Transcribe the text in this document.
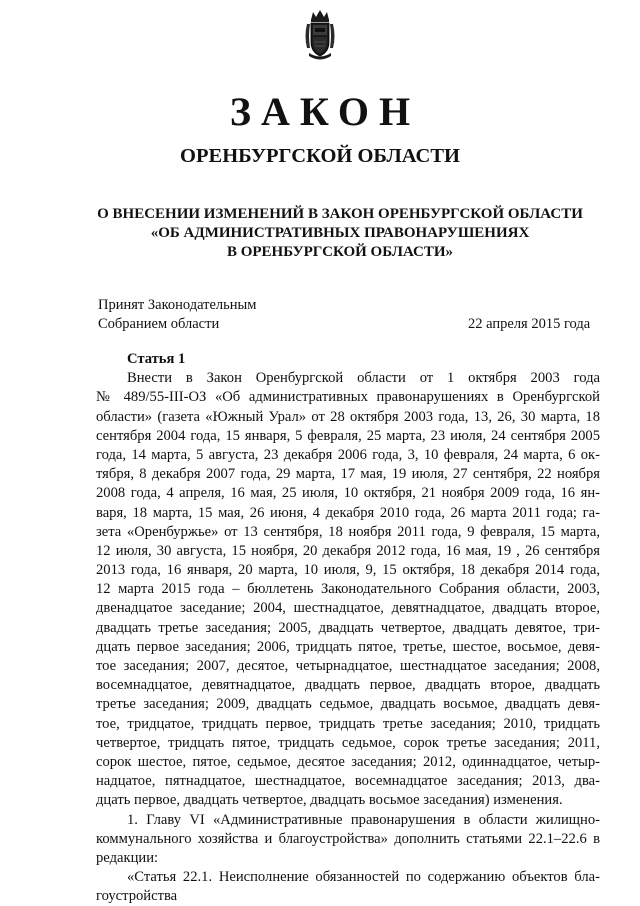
ЗАКОН
ОРЕНБУРГСКОЙ ОБЛАСТИ
О ВНЕСЕНИИ ИЗМЕНЕНИЙ В ЗАКОН ОРЕНБУРГСКОЙ ОБЛАСТИ
«ОБ АДМИНИСТРАТИВНЫХ ПРАВОНАРУШЕНИЯХ
В ОРЕНБУРГСКОЙ ОБЛАСТИ»
Принят Законодательным
Собранием области	22 апреля 2015 года
Статья 1
Внести в Закон Оренбургской области от 1 октября 2003 года
№ 489/55-III-ОЗ «Об административных правонарушениях в Оренбургской
области» (газета «Южный Урал» от 28 октября 2003 года, 13, 26, 30 марта, 18
сентября 2004 года, 15 января, 5 февраля, 25 марта, 23 июля, 24 сентября 2005
года, 14 марта, 5 августа, 23 декабря 2006 года, 3, 10 февраля, 24 марта, 6 ок-
тября, 8 декабря 2007 года, 29 марта, 17 мая, 19 июля, 27 сентября, 22 ноября
2008 года, 4 апреля, 16 мая, 25 июля, 10 октября, 21 ноября 2009 года, 16 ян-
варя, 18 марта, 15 мая, 26 июня, 4 декабря 2010 года, 26 марта 2011 года; га-
зета «Оренбуржье» от 13 сентября, 18 ноября 2011 года, 9 февраля, 15 марта,
12 июля, 30 августа, 15 ноября, 20 декабря 2012 года, 16 мая, 19 , 26 сентября
2013 года, 16 января, 20 марта, 10 июля, 9, 15 октября, 18 декабря 2014 года,
12 марта 2015 года – бюллетень Законодательного Собрания области, 2003,
двенадцатое заседание; 2004, шестнадцатое, девятнадцатое, двадцать второе,
двадцать третье заседания; 2005, двадцать четвертое, двадцать девятое, три-
дцать первое заседания; 2006, тридцать пятое, третье, шестое, восьмое, девя-
тое заседания; 2007, десятое, четырнадцатое, шестнадцатое заседания; 2008,
восемнадцатое, девятнадцатое, двадцать первое, двадцать второе, двадцать
третье заседания; 2009, двадцать седьмое, двадцать восьмое, двадцать девя-
тое, тридцатое, тридцать первое, тридцать третье заседания; 2010, тридцать
четвертое, тридцать пятое, тридцать седьмое, сорок третье заседания; 2011,
сорок шестое, пятое, седьмое, десятое заседания; 2012, одиннадцатое, четыр-
надцатое, пятнадцатое, шестнадцатое, восемнадцатое заседания; 2013, два-
дцать первое, двадцать четвертое, двадцать восьмое заседания) изменения.
1. Главу VI «Административные правонарушения в области жилищно-
коммунального хозяйства и благоустройства» дополнить статьями 22.1–22.6 в
редакции:
«Статья 22.1. Неисполнение обязанностей по содержанию объектов бла-
гоустройства
